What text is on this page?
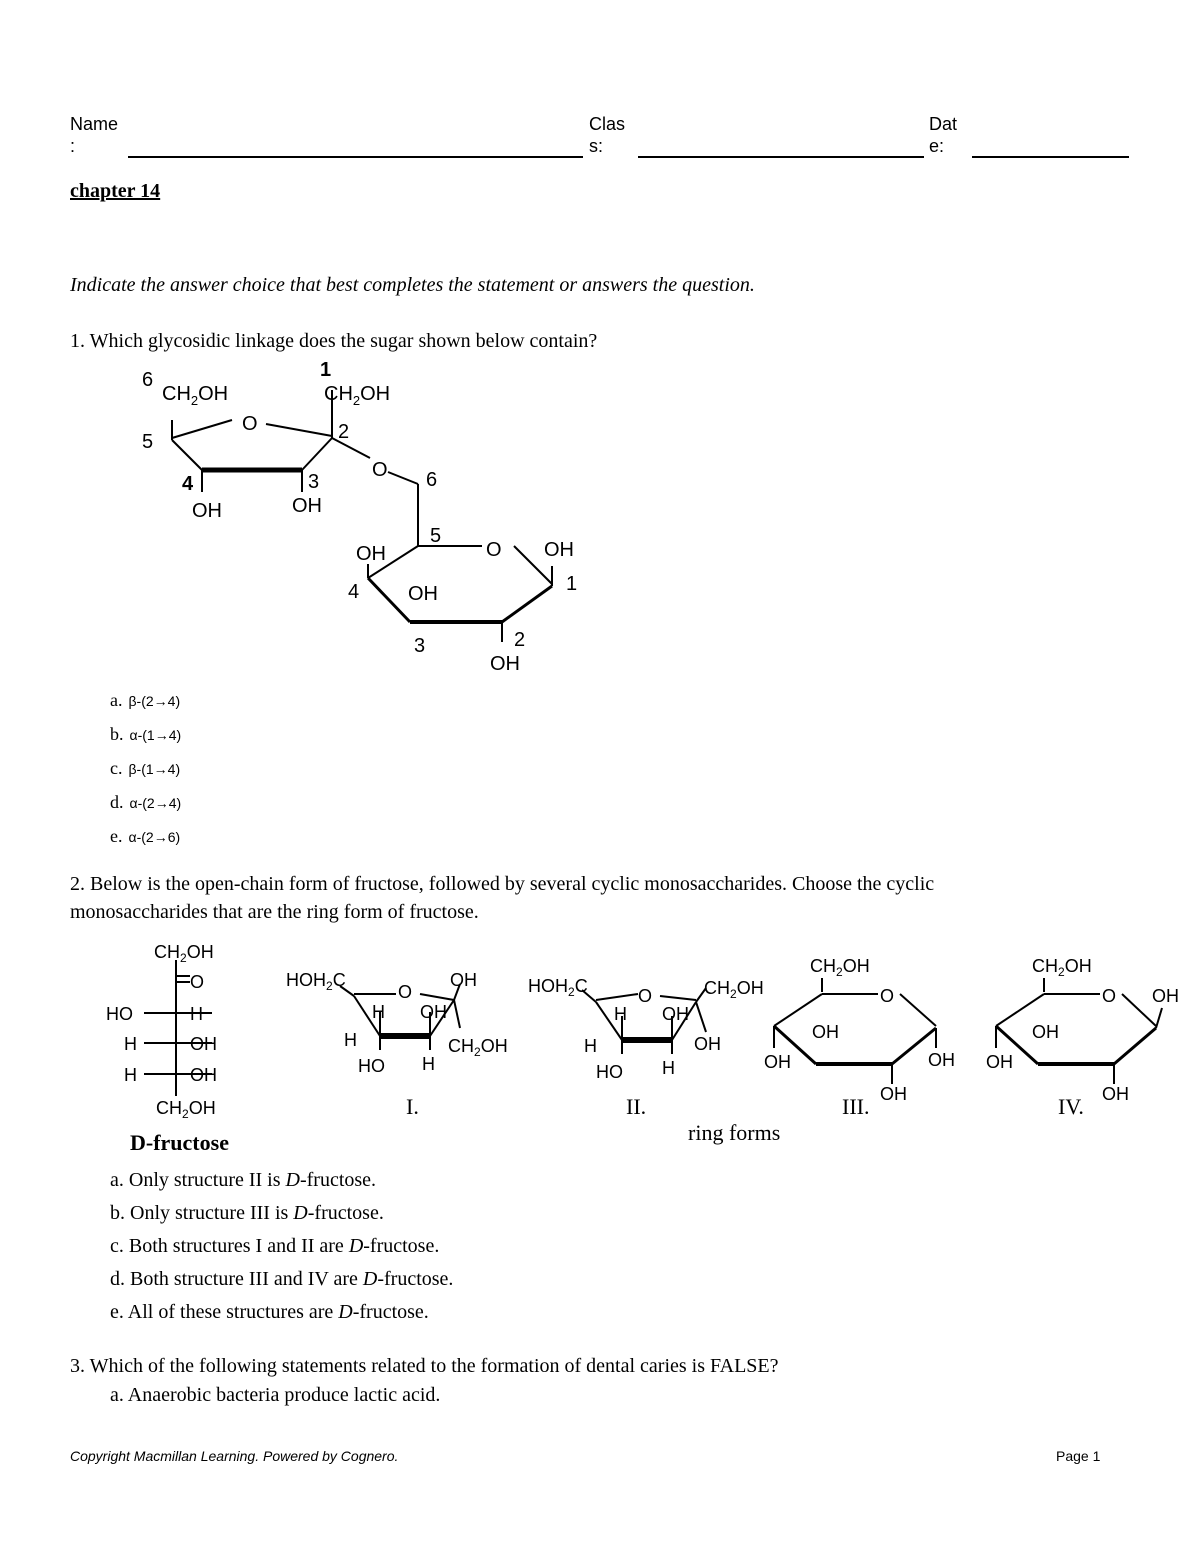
Name
:
Clas
s:
Dat
e:
chapter 14
Indicate the answer choice that best completes the statement or answers the question.
1. Which glycosidic linkage does the sugar shown below contain?
6
$CH_2OH$
1
$CH_2OH$
O
5	2
O 6
4	3
OH	OH
5
OH	O OH
4 OH	1
3	2
OH
a. β-(2→4)
b. α-(1→4)
c. β-(1→4)
d. α-(2→4)
e. α-(2→6)
2. Below is the open-chain form of fructose, followed by several cyclic monosaccharides. Choose the cyclic
monosaccharides that are the ring form of fructose.
$CH_2OH$
O
HO	H
H	OH
H	OH
$CH_2OH$
D-fructose
$HOH_2C$
O
OH
H OH
H	$CH_2OH$
HO H
I.
$HOH_2C$	O	$CH_2OH$
H OH
H	OH
HO H
II.
ring forms
$CH_2OH$
O
OH
OH	OH
OH
III.
$CH_2OH$
O OH
OH
OH
OH
IV.
a. Only structure II is D-fructose.
b. Only structure III is D-fructose.
c. Both structures I and II are D-fructose.
d. Both structure III and IV are D-fructose.
e. All of these structures are D-fructose.
3. Which of the following statements related to the formation of dental caries is FALSE?
a. Anaerobic bacteria produce lactic acid.
Copyright Macmillan Learning. Powered by Cognero.	Page 1
